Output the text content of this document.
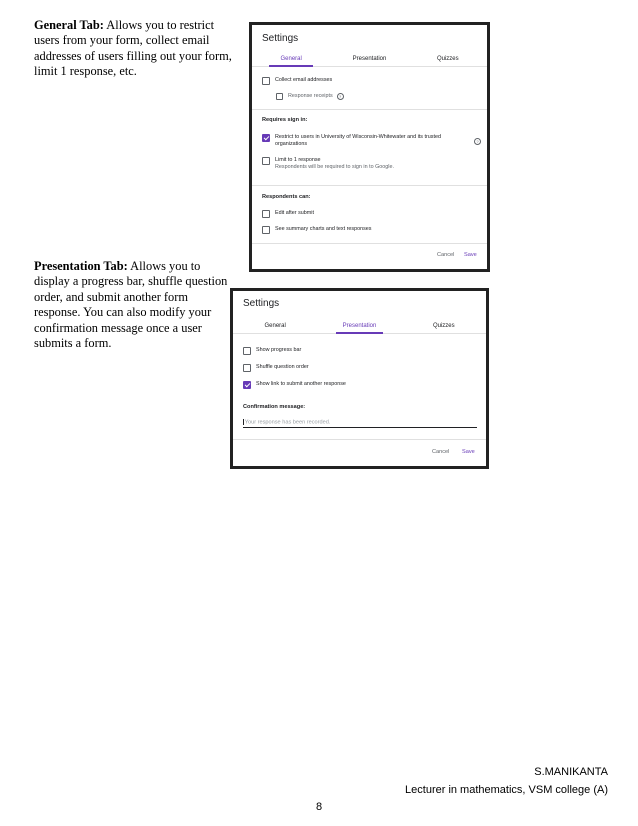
General Tab: Allows you to restrict users from your form, collect email addresses of users filling out your form, limit 1 response, etc.
Settings
General	Presentation	Quizzes
Collect email addresses
Response receipts	?
Requires sign in:
Restrict to users in University of Wisconsin-Whitewater and its trusted
organizations	?
Limit to 1 response
Respondents will be required to sign in to Google.
Respondents can:
Edit after submit
See summary charts and text responses
Cancel Save
Presentation Tab: Allows you to display a progress bar, shuffle question order, and submit another form response. You can also modify your confirmation message once a user submits a form.
Settings
General	Presentation	Quizzes
Show progress bar
Shuffle question order
Show link to submit another response
Confirmation message:
Your response has been recorded.
Cancel Save
S.MANIKANTA
Lecturer in mathematics, VSM college (A)
8
